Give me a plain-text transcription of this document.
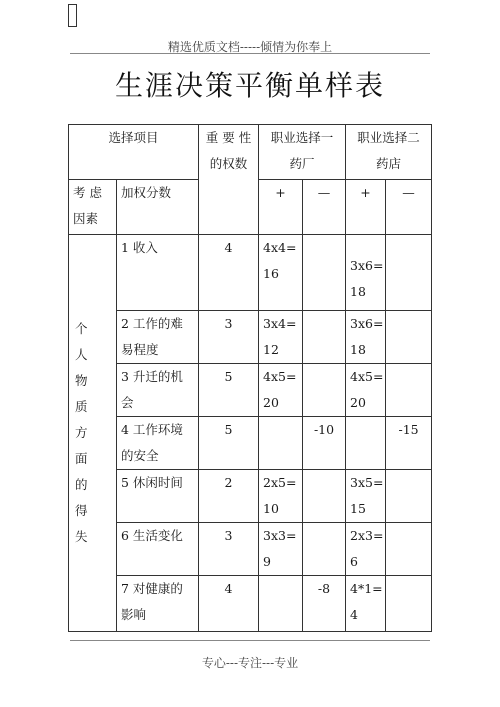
精选优质文档-----倾情为你奉上
生涯决策平衡单样表
选择项目		重 要 性 的权数	职业选择一 药厂		职业选择二 药店	
考 虑 因素	加权分数		+	—	+	—
个人物质方面的得失	1 收入	4	4x4= 16		3x6= 18	
	2 工作的难易程度	3	3x4= 12		3x6= 18	
	3 升迁的机会	5	4x5= 20		4x5= 20	
	4 工作环境的安全	5		-10		-15
	5 休闲时间	2	2x5= 10		3x5= 15	
	6 生活变化	3	3x3= 9		2x3= 6	
	7 对健康的影响	4		-8	4*1= 4	
专心---专注---专业
